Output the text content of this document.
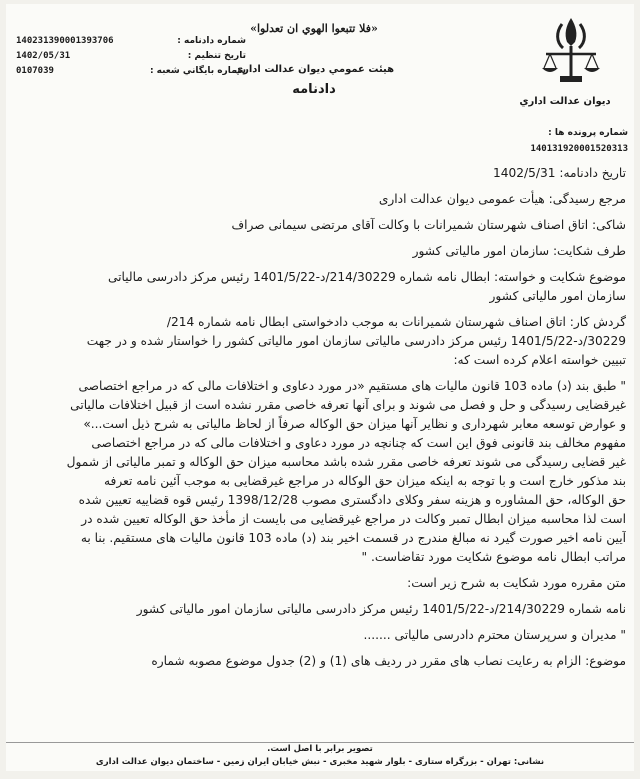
ديوان عدالت اداري
«فلا تتبعوا الهوي ان تعدلوا»
هيئت عمومي ديوان عدالت اداري
دادنامه
شماره دادنامه :
140231390001393706
تاريخ تنظيم :
1402/05/31
شماره بايگاني شعبه :
0107039
شماره پرونده ها :
140131920001520313
تاریخ دادنامه: 1402/5/31
مرجع رسیدگی: هیأت عمومی دیوان عدالت اداری
شاکی: اتاق اصناف شهرستان شمیرانات با وکالت آقای مرتضی سیمانی صراف
طرف شکایت: سازمان امور مالیاتی کشور
موضوع شکایت و خواسته: ابطال نامه شماره 214/30229/د-1401/5/22 رئیس مرکز دادرسی مالیاتی
سازمان امور مالیاتی کشور
گردش کار: اتاق اصناف شهرستان شمیرانات به موجب دادخواستی ابطال نامه شماره 214/
30229/د-1401/5/22 رئیس مرکز دادرسی مالیاتی سازمان امور مالیاتی کشور را خواستار شده و در جهت
تبیین خواسته اعلام کرده است که:
" طبق بند (د) ماده 103 قانون مالیات های مستقیم «در مورد دعاوی و اختلافات مالی که در مراجع اختصاصی
غیرقضایی رسیدگی و حل و فصل می شوند و برای آنها تعرفه خاصی مقرر نشده است از قبیل اختلافات مالیاتی
و عوارض توسعه معابر شهرداری و نظایر آنها میزان حق الوکاله صرفاً از لحاظ مالیاتی به شرح ذیل است...»
مفهوم مخالف بند قانونی فوق این است که چنانچه در مورد دعاوی و اختلافات مالی که در مراجع اختصاصی
غیر قضایی رسیدگی می شوند تعرفه خاصی مقرر شده باشد محاسبه میزان حق الوکاله و تمبر مالیاتی از شمول
بند مذکور خارج است و با توجه به اینکه میزان حق الوکاله در مراجع غیرقضایی به موجب آئین نامه تعرفه
حق الوکاله، حق المشاوره و هزینه سفر وکلای دادگستری مصوب 1398/12/28 رئیس قوه قضاییه تعیین شده
است لذا محاسبه میزان ابطال تمبر وکالت در مراجع غیرقضایی می بایست از مأخذ حق الوکاله تعیین شده در
آیین نامه اخیر صورت گیرد نه مبالغ مندرج در قسمت اخیر بند (د) ماده 103 قانون مالیات های مستقیم. بنا به
مراتب ابطال نامه موضوع شکایت مورد تقاضاست. "
متن مقرره مورد شکایت به شرح زیر است:
نامه شماره 214/30229/د-1401/5/22 رئیس مرکز دادرسی مالیاتی سازمان امور مالیاتی کشور
" مدیران و سرپرستان محترم دادرسی مالیاتی .......
موضوع: الزام به رعایت نصاب های مقرر در ردیف های (1) و (2) جدول موضوع مصوبه شماره
تصویر برابر با اصل است.
نشانی: تهران - بزرگراه ستاری - بلوار شهید مخبری - نبش خیابان ایران زمین - ساختمان دیوان عدالت اداری
